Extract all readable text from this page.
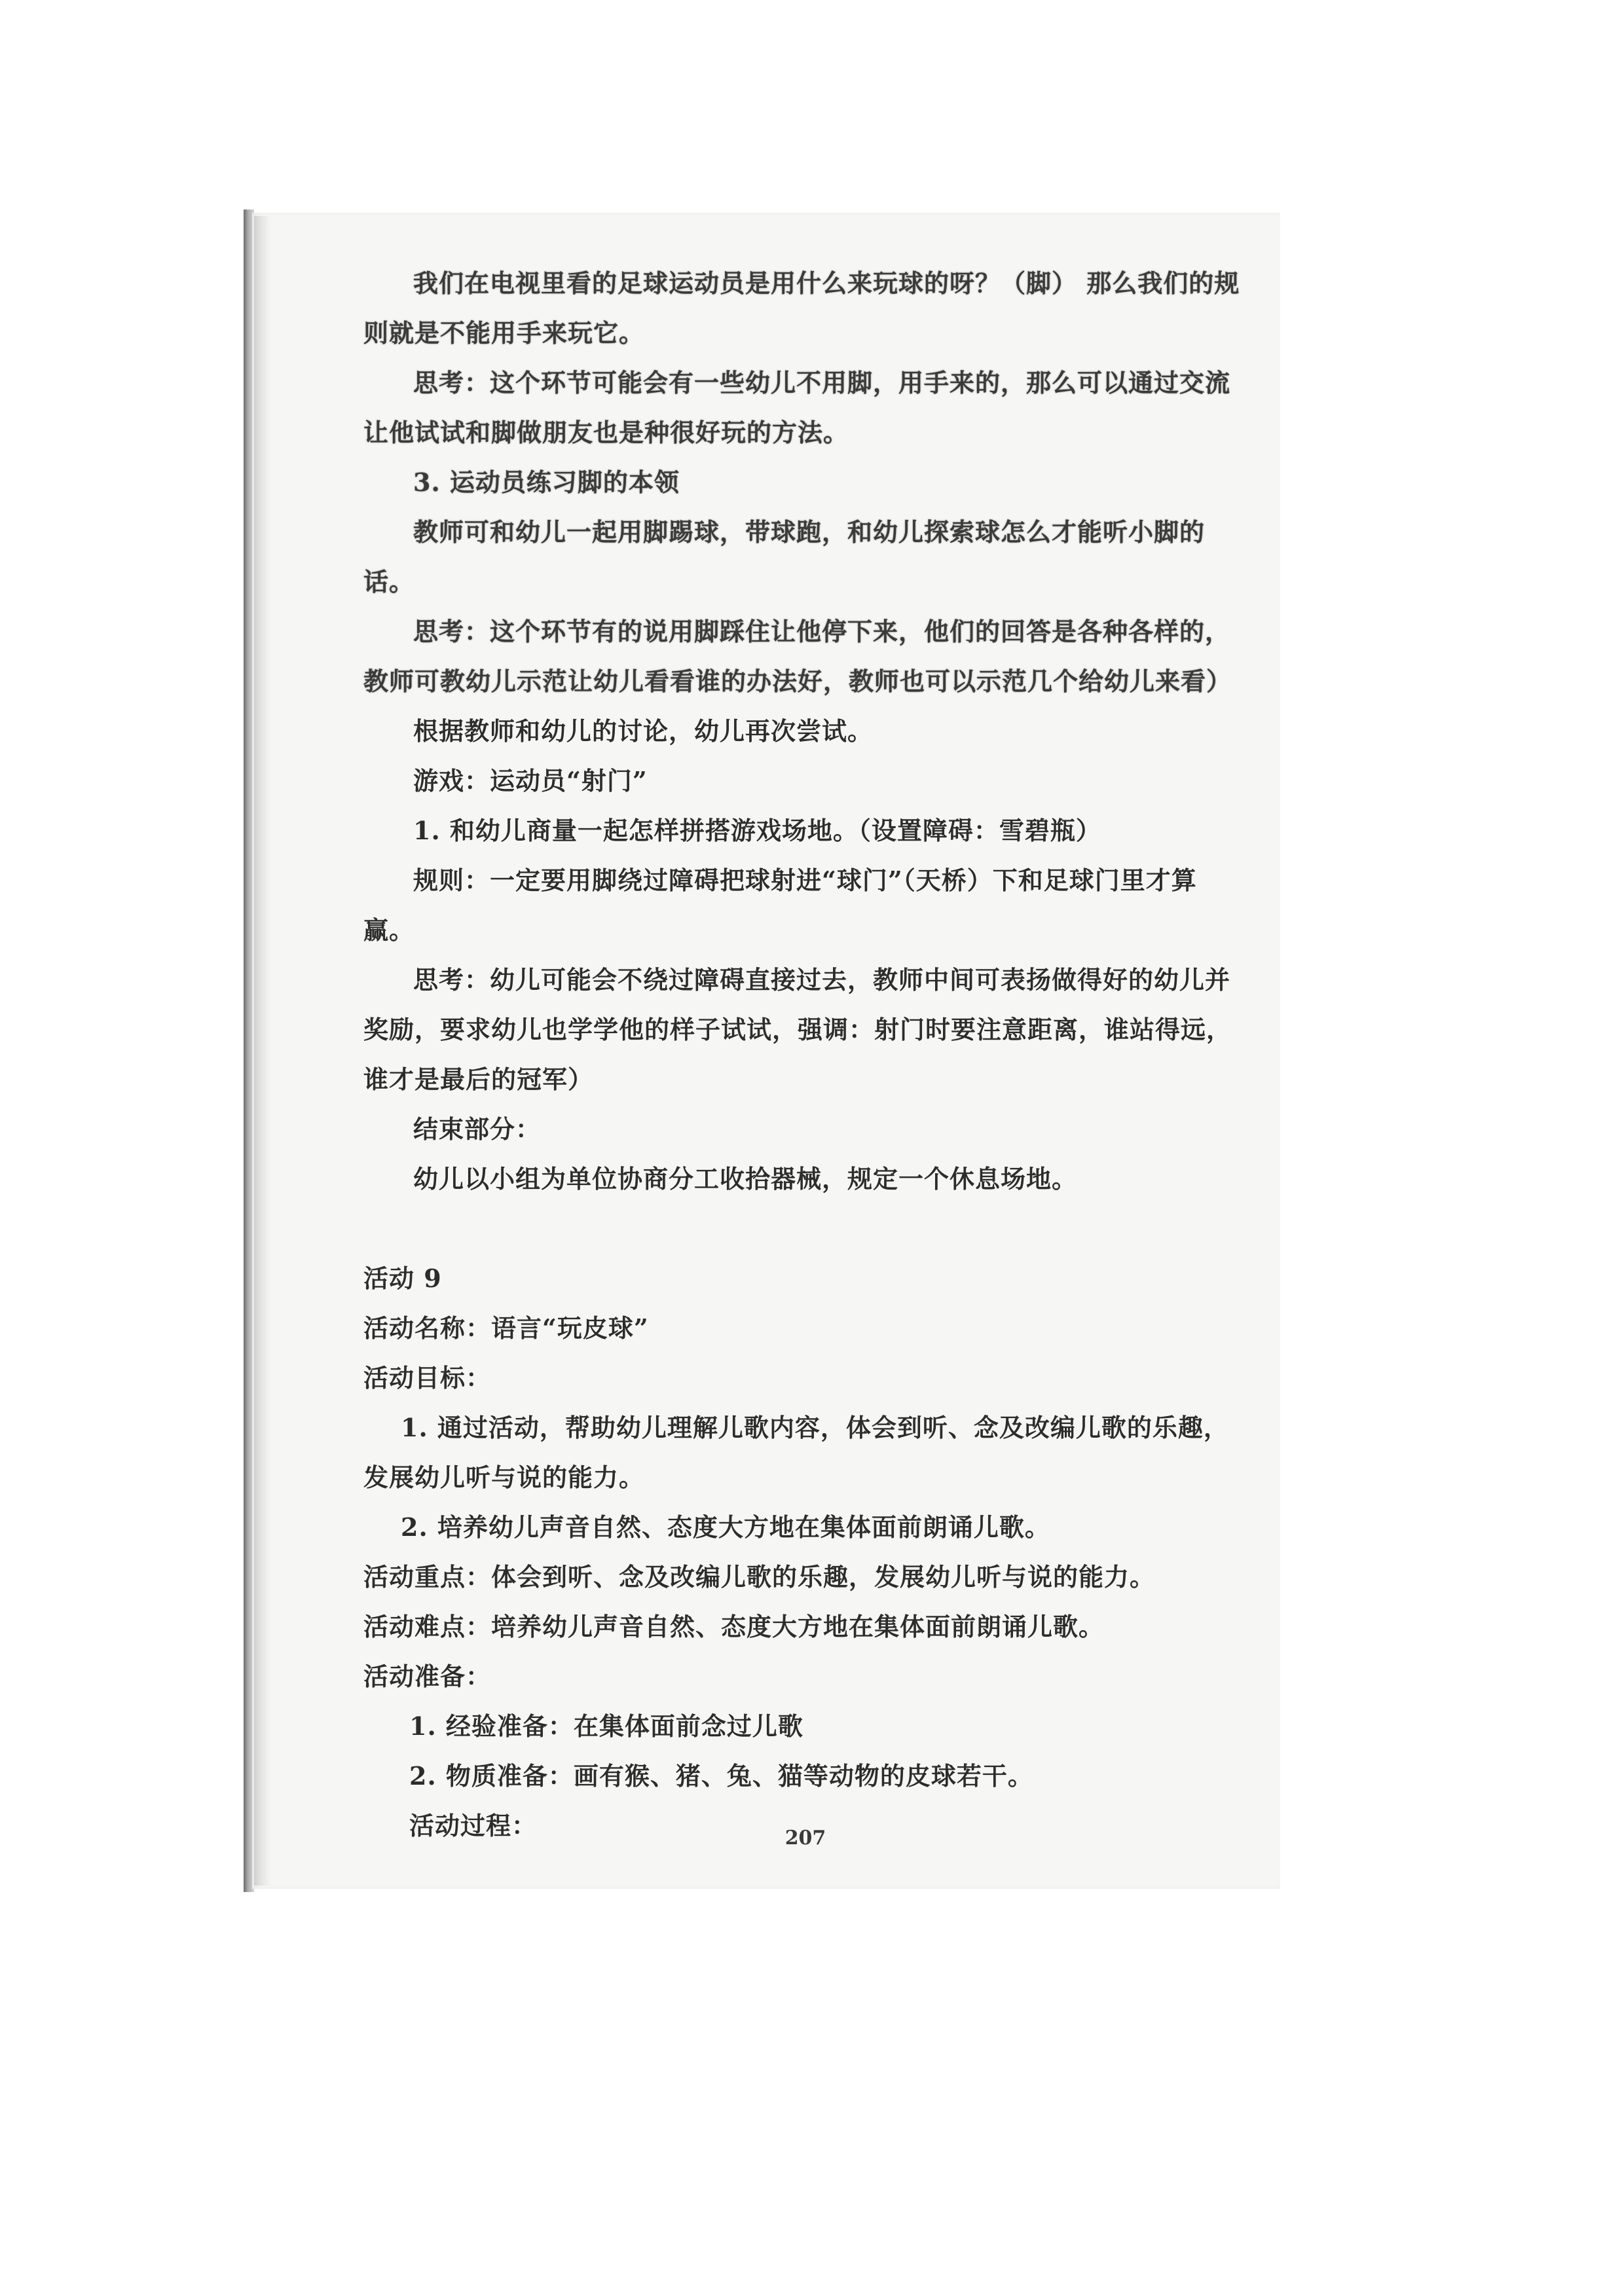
我们在电视里看的足球运动员是用什么来玩球的呀？（脚） 那么我们的规则就是不能用手来玩它。

思考：这个环节可能会有一些幼儿不用脚，用手来的，那么可以通过交流让他试试和脚做朋友也是种很好玩的方法。

3. 运动员练习脚的本领

教师可和幼儿一起用脚踢球，带球跑，和幼儿探索球怎么才能听小脚的话。

思考：这个环节有的说用脚踩住让他停下来，他们的回答是各种各样的，教师可教幼儿示范让幼儿看看谁的办法好，教师也可以示范几个给幼儿来看）

根据教师和幼儿的讨论，幼儿再次尝试。

游戏：运动员“射门”

1. 和幼儿商量一起怎样拼搭游戏场地。（设置障碍：雪碧瓶）

规则：一定要用脚绕过障碍把球射进“球门”（天桥）下和足球门里才算赢。

思考：幼儿可能会不绕过障碍直接过去，教师中间可表扬做得好的幼儿并奖励，要求幼儿也学学他的样子试试，强调：射门时要注意距离，谁站得远，谁才是最后的冠军）

结束部分：

幼儿以小组为单位协商分工收拾器械，规定一个休息场地。

活动 9

活动名称：语言“玩皮球”

活动目标：

1. 通过活动，帮助幼儿理解儿歌内容，体会到听、念及改编儿歌的乐趣，发展幼儿听与说的能力。

2. 培养幼儿声音自然、态度大方地在集体面前朗诵儿歌。

活动重点：体会到听、念及改编儿歌的乐趣，发展幼儿听与说的能力。

活动难点：培养幼儿声音自然、态度大方地在集体面前朗诵儿歌。

活动准备：

1. 经验准备：在集体面前念过儿歌

2. 物质准备：画有猴、猪、兔、猫等动物的皮球若干。

活动过程：	207
